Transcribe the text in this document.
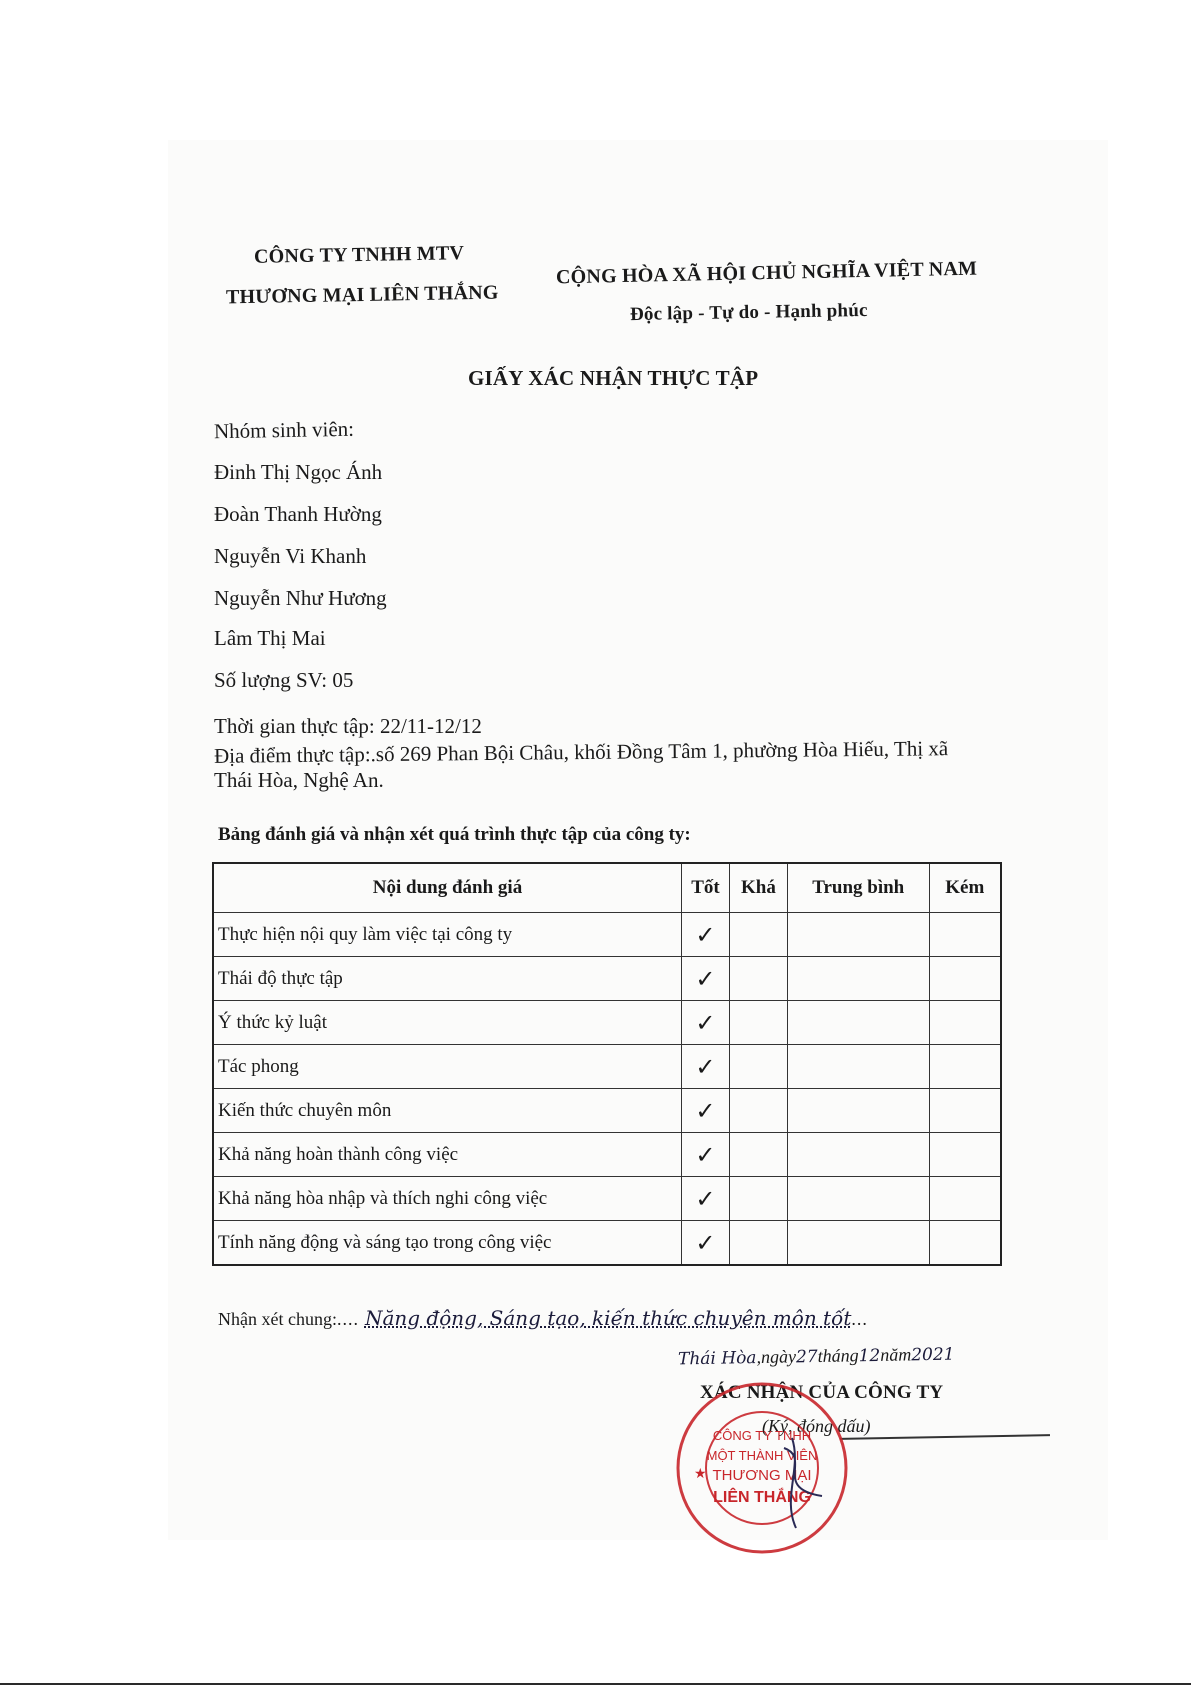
CÔNG TY TNHH MTV
THƯƠNG MẠI LIÊN THẮNG
CỘNG HÒA XÃ HỘI CHỦ NGHĨA VIỆT NAM
Độc lập - Tự do - Hạnh phúc
GIẤY XÁC NHẬN THỰC TẬP
Nhóm sinh viên:
Đinh Thị Ngọc Ánh
Đoàn Thanh Hường
Nguyễn Vi Khanh
Nguyễn Như Hương
Lâm Thị Mai
Số lượng SV: 05
Thời gian thực tập: 22/11-12/12
Địa điểm thực tập:.số 269 Phan Bội Châu, khối Đồng Tâm 1, phường Hòa Hiếu, Thị xã
Thái Hòa, Nghệ An.
Bảng đánh giá và nhận xét quá trình thực tập của công ty:
Nội dung đánh giá	Tốt	Khá	Trung bình	Kém
Thực hiện nội quy làm việc tại công ty	✓			
Thái độ thực tập	✓			
Ý thức kỷ luật	✓			
Tác phong	✓			
Kiến thức chuyên môn	✓			
Khả năng hoàn thành công việc	✓			
Khả năng hòa nhập và thích nghi công việc	✓			
Tính năng động và sáng tạo trong công việc	✓			
Nhận xét chung:.... Năng động, Sáng tạo, kiến thức chuyên môn tốt...
Thái Hòa,ngày27tháng12năm2021
XÁC NHẬN CỦA CÔNG TY
(Ký, đóng dấu)
CÔNG TY TNHH
MỘT THÀNH VIÊN
THƯƠNG MẠI
LIÊN THẮNG
★
